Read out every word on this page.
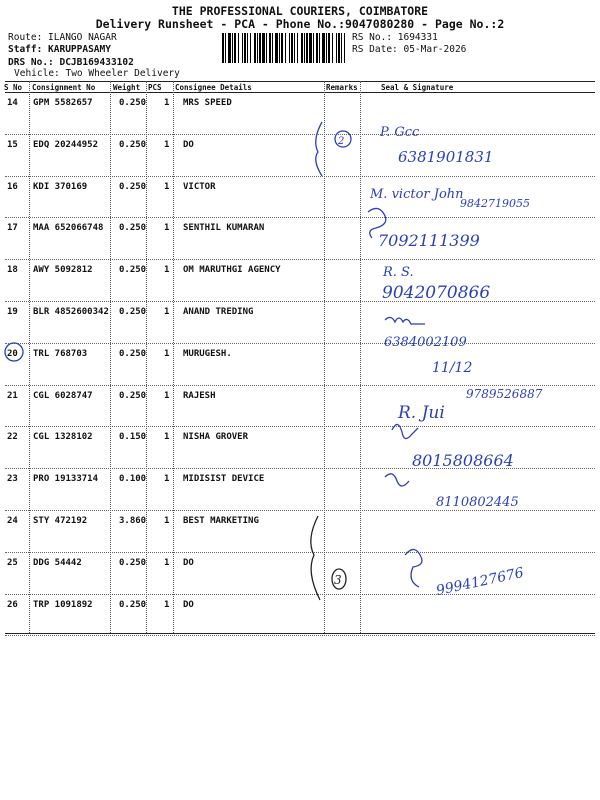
THE PROFESSIONAL COURIERS, COIMBATORE
Delivery Runsheet - PCA - Phone No.:9047080280 - Page No.:2
Route: ILANGO NAGAR
Staff: KARUPPASAMY
DRS No.: DCJB169433102
Vehicle: Two Wheeler Delivery
RS No.: 1694331
RS Date: 05-Mar-2026
S No Consignment No Weight PCS Consignee Details	Remarks	Seal & Signature
14 GPM 5582657	0.250 1 MRS SPEED
15 EDQ 20244952 0.250 1 DO
16 KDI 370169	0.250 1 VICTOR
17 MAA 652066748 0.250 1 SENTHIL KUMARAN
18 AWY 5092812	0.250 1 OM MARUTHGI AGENCY
19 BLR 4852600342 0.250 1 ANAND TREDING
20 TRL 768703	0.250 1 MURUGESH.
21 CGL 6028747	0.250 1 RAJESH
22 CGL 1328102	0.150 1 NISHA GROVER
23 PRO 19133714 0.100 1 MIDISIST DEVICE
24 STY 472192	3.860 1 BEST MARKETING
25 DDG 54442	0.250 1 DO
26 TRP 1091892	0.250 1 DO
2
3
P. Gcc
6381901831
M. victor John
9842719055
7092111399
R. S.
9042070866
6384002109
11/12
9789526887
R. Jui
8015808664
8110802445
9994127676
